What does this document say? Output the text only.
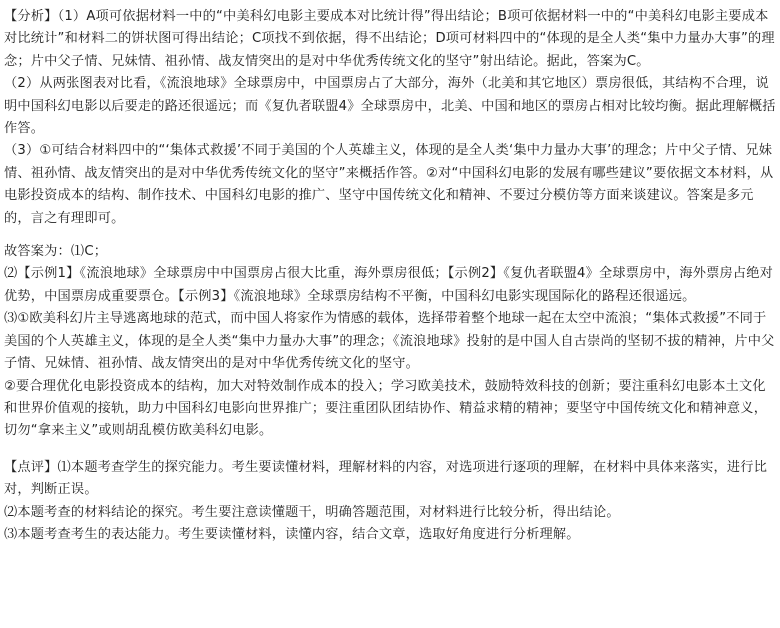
【分析】（1）A项可依据材料一中的“中美科幻电影主要成本对比统计得”得出结论；B项可依据材料一中的“中美科幻电影主要成本对比统计”和材料二的饼状图可得出结论；C项找不到依据，得不出结论；D项可材料四中的“体现的是全人类“集中力量办大事”的理念；片中父子情、兄妹情、祖孙情、战友情突出的是对中华优秀传统文化的坚守”射出结论。据此，答案为C。

（2）从两张图表对比看，《流浪地球》全球票房中，中国票房占了大部分，海外（北美和其它地区）票房很低，其结构不合理，说明中国科幻电影以后要走的路还很遥远；而《复仇者联盟4》全球票房中，北美、中国和地区的票房占相对比较均衡。据此理解概括作答。

（3）①可结合材料四中的“‘集体式救援’不同于美国的个人英雄主义，体现的是全人类‘集中力量办大事’的理念；片中父子情、兄妹情、祖孙情、战友情突出的是对中华优秀传统文化的坚守”来概括作答。②对“中国科幻电影的发展有哪些建议”要依据文本材料，从电影投资成本的结构、制作技术、中国科幻电影的推广、坚守中国传统文化和精神、不要过分模仿等方面来谈建议。答案是多元的，言之有理即可。

故答案为：⑴C；

⑵【示例1】《流浪地球》全球票房中中国票房占很大比重，海外票房很低；【示例2】《复仇者联盟4》全球票房中，海外票房占绝对优势，中国票房成重要票仓。【示例3】《流浪地球》全球票房结构不平衡，中国科幻电影实现国际化的路程还很遥远。

⑶①欧美科幻片主导逃离地球的范式，而中国人将家作为情感的载体，选择带着整个地球一起在太空中流浪；“集体式救援”不同于美国的个人英雄主义，体现的是全人类“集中力量办大事”的理念；《流浪地球》投射的是中国人自古崇尚的坚韧不拔的精神，片中父子情、兄妹情、祖孙情、战友情突出的是对中华优秀传统文化的坚守。

②要合理优化电影投资成本的结构，加大对特效制作成本的投入；学习欧美技术，鼓励特效科技的创新；要注重科幻电影本土文化和世界价值观的接轨，助力中国科幻电影向世界推广；要注重团队团结协作、精益求精的精神；要坚守中国传统文化和精神意义，切勿“拿来主义”或则胡乱模仿欧美科幻电影。

【点评】⑴本题考查学生的探究能力。考生要读懂材料，理解材料的内容，对选项进行逐项的理解，在材料中具体来落实，进行比对，判断正误。

⑵本题考查的材料结论的探究。考生要注意读懂题干，明确答题范围，对材料进行比较分析，得出结论。

⑶本题考查考生的表达能力。考生要读懂材料，读懂内容，结合文章，选取好角度进行分析理解。
